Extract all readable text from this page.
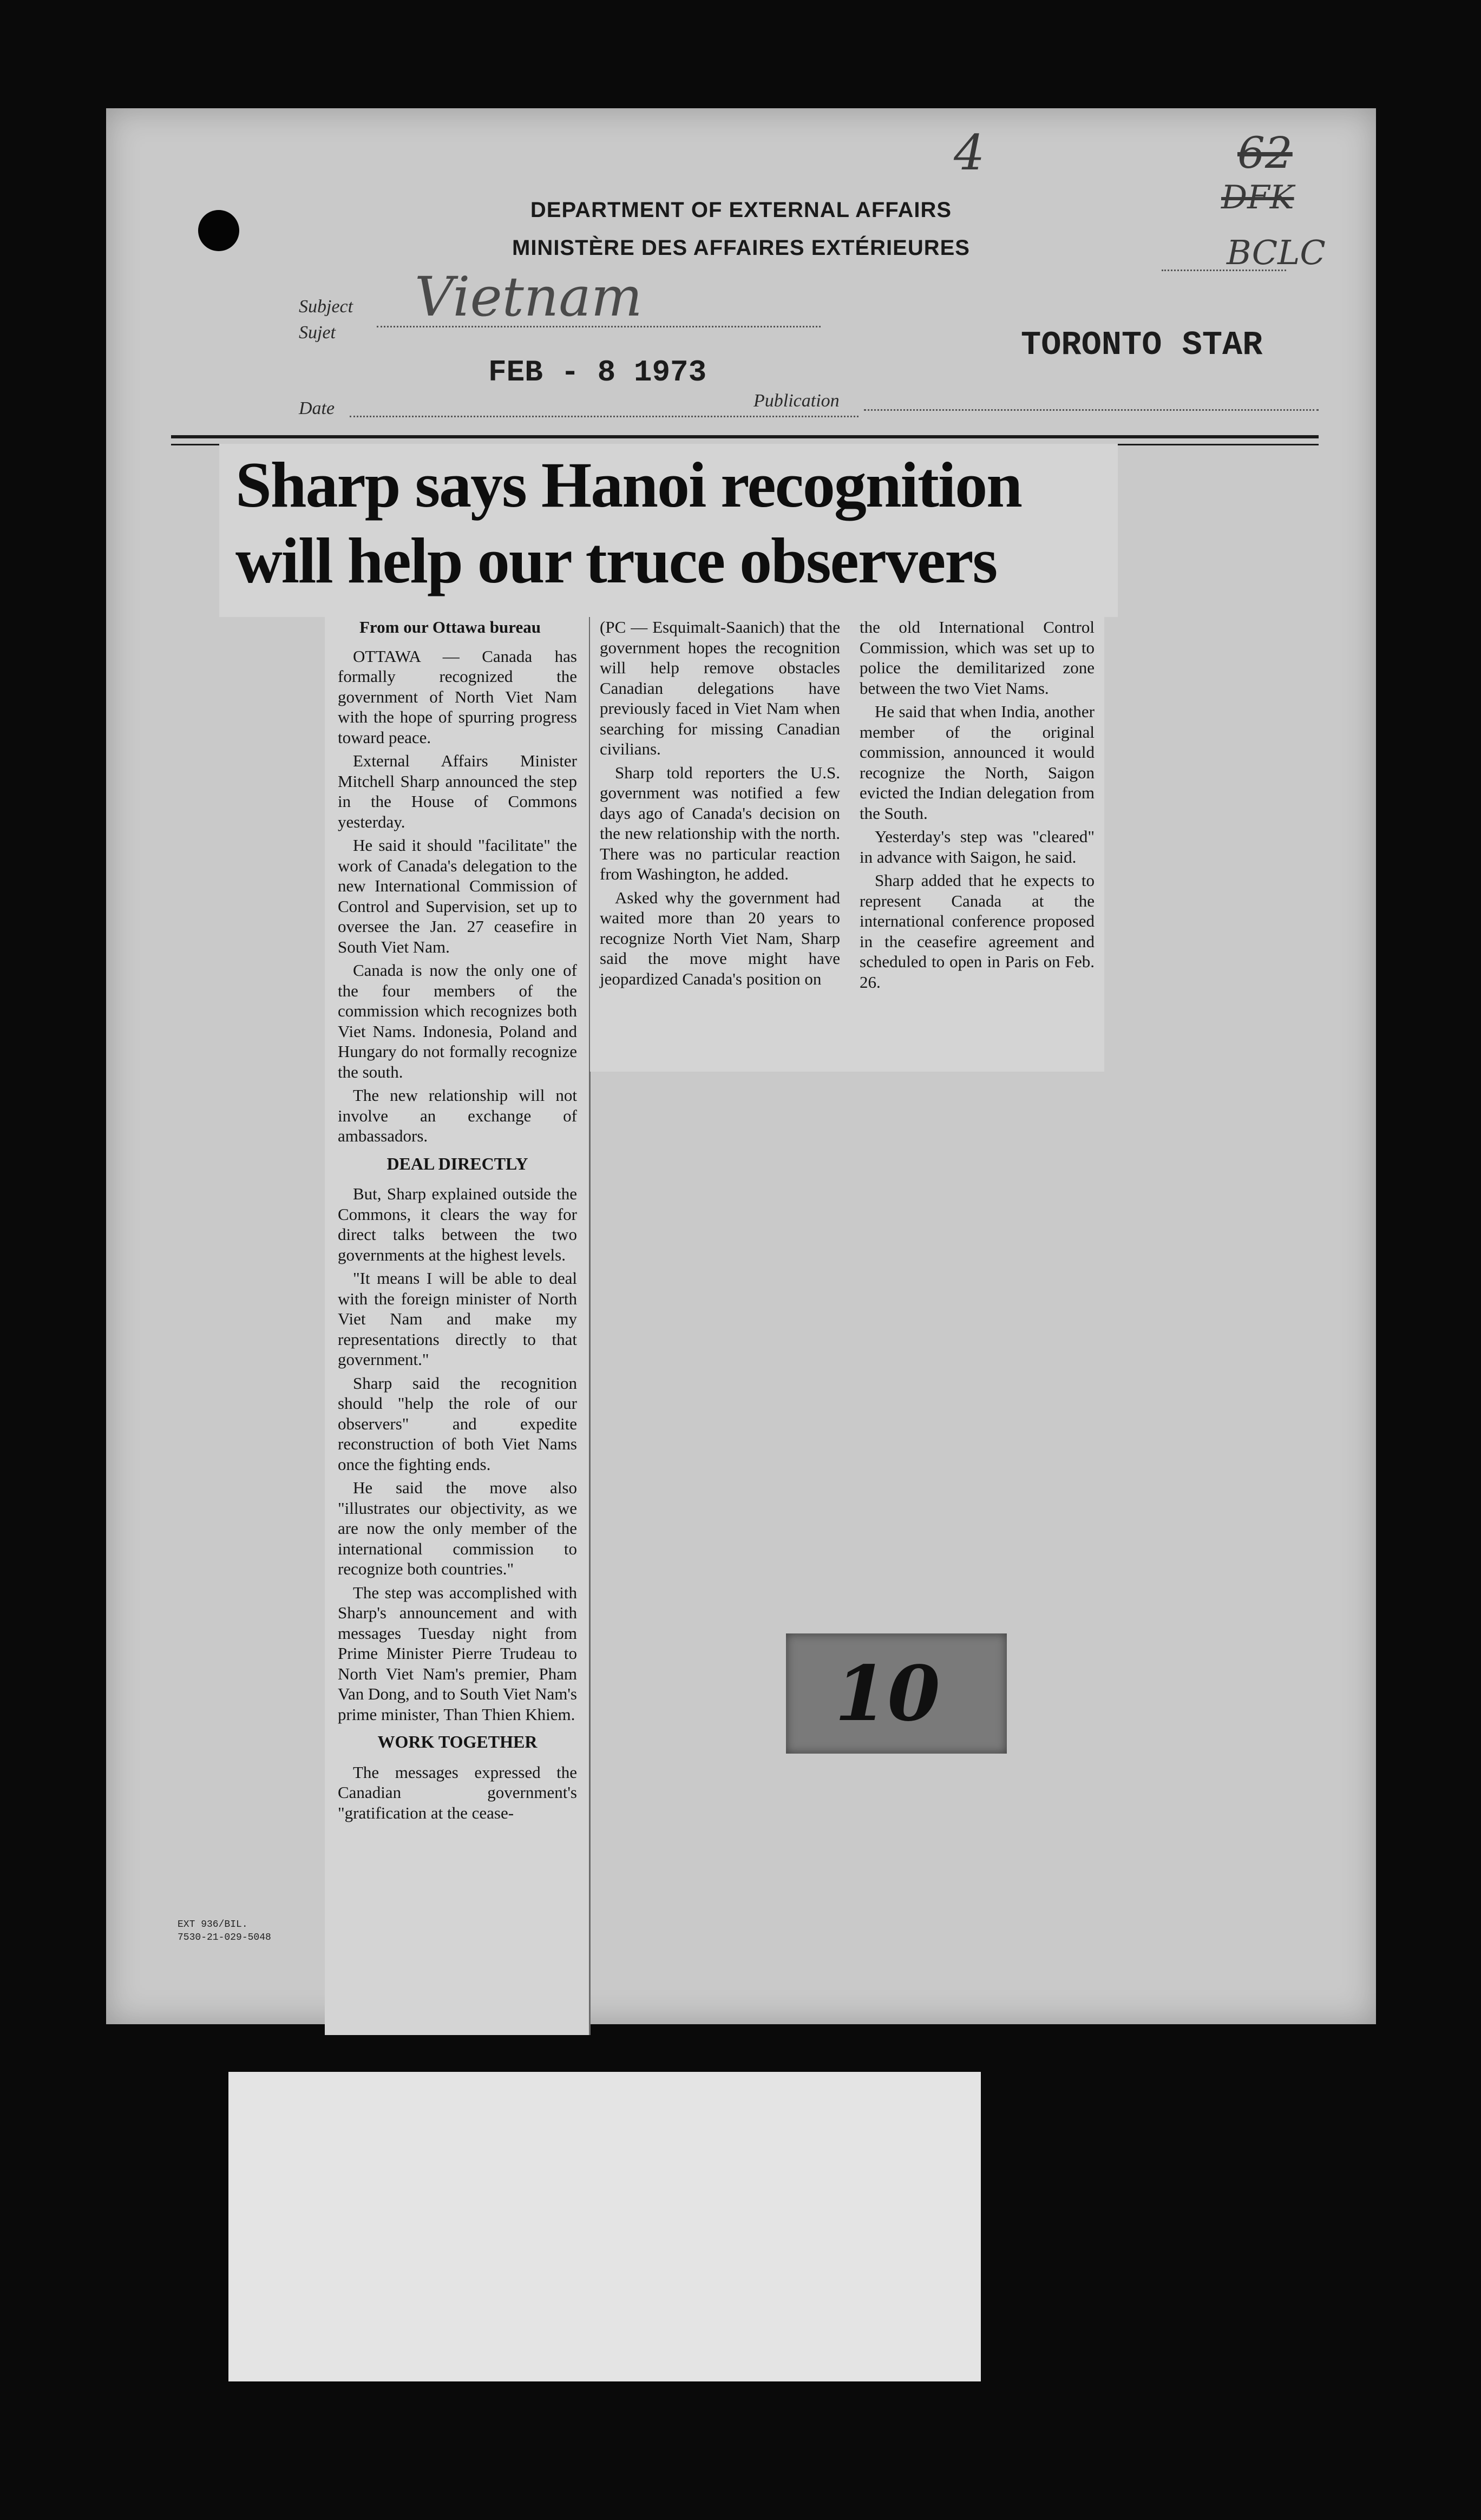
DEPARTMENT OF EXTERNAL AFFAIRS
MINISTÈRE DES AFFAIRES EXTÉRIEURES
4	62
DFK
BCLC
Subject
Sujet
Vietnam
FEB - 8 1973
TORONTO STAR
Date	Publication
Sharp says Hanoi recognition
will help our truce observers

From our Ottawa bureau

OTTAWA — Canada has formally recognized the government of North Viet Nam with the hope of spurring progress toward peace.

External Affairs Minister Mitchell Sharp announced the step in the House of Commons yesterday.

He said it should "facilitate" the work of Canada's delegation to the new International Commission of Control and Supervision, set up to oversee the Jan. 27 ceasefire in South Viet Nam.

Canada is now the only one of the four members of the commission which recognizes both Viet Nams. Indonesia, Poland and Hungary do not formally recognize the south.

The new relationship will not involve an exchange of ambassadors.

DEAL DIRECTLY

But, Sharp explained outside the Commons, it clears the way for direct talks between the two governments at the highest levels.

"It means I will be able to deal with the foreign minister of North Viet Nam and make my representations directly to that government."

Sharp said the recognition should "help the role of our observers" and expedite reconstruction of both Viet Nams once the fighting ends.

He said the move also "illustrates our objectivity, as we are now the only member of the international commission to recognize both countries."

The step was accomplished with Sharp's announcement and with messages Tuesday night from Prime Minister Pierre Trudeau to North Viet Nam's premier, Pham Van Dong, and to South Viet Nam's prime minister, Than Thien Khiem.

WORK TOGETHER

The messages expressed the Canadian government's "gratification at the cease-

(PC — Esquimalt-Saanich) that the government hopes the recognition will help remove obstacles Canadian delegations have previously faced in Viet Nam when searching for missing Canadian civilians.

Sharp told reporters the U.S. government was notified a few days ago of Canada's decision on the new relationship with the north. There was no particular reaction from Washington, he added.

Asked why the government had waited more than 20 years to recognize North Viet Nam, Sharp said the move might have jeopardized Canada's position on

the old International Control Commission, which was set up to police the demilitarized zone between the two Viet Nams.

He said that when India, another member of the original commission, announced it would recognize the North, Saigon evicted the Indian delegation from the South.

Yesterday's step was "cleared" in advance with Saigon, he said.

Sharp added that he expects to represent Canada at the international conference proposed in the ceasefire agreement and scheduled to open in Paris on Feb. 26.

EXT 936/BIL.
7530-21-029-5048
10
